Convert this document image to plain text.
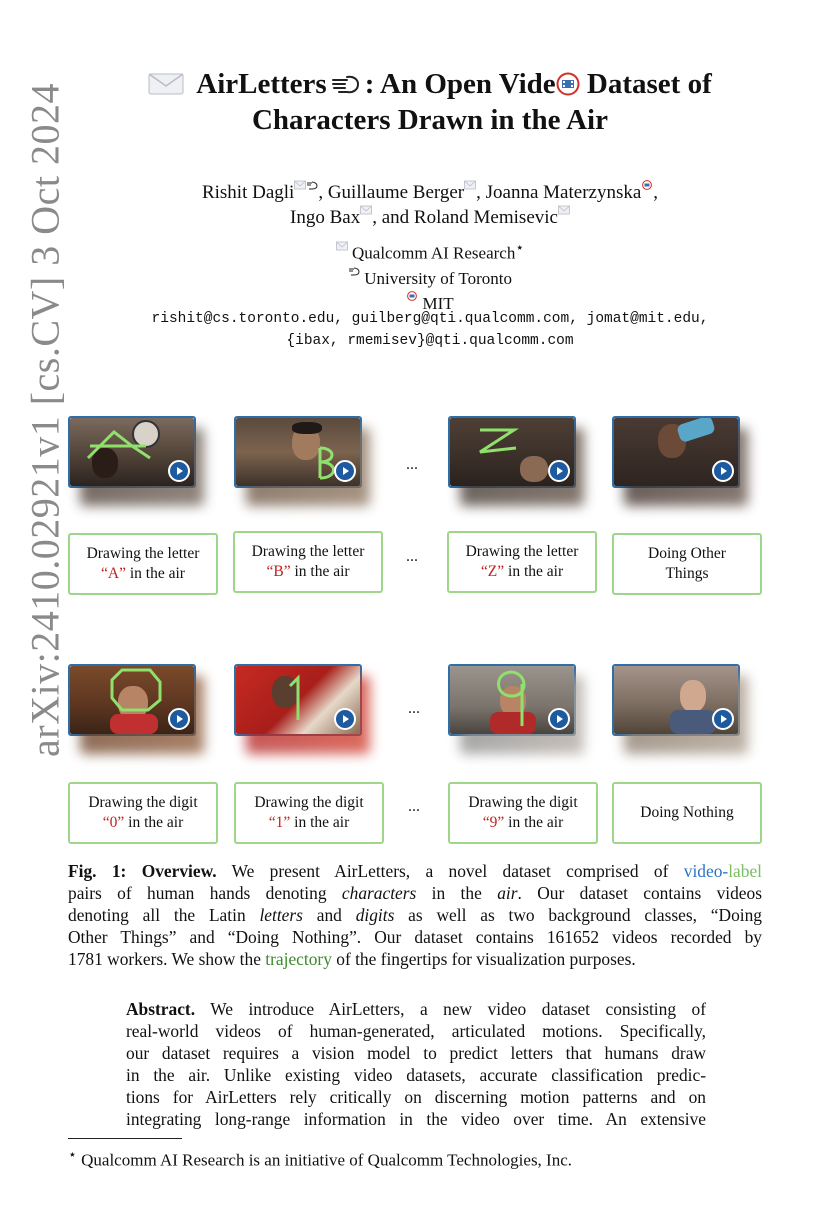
arXiv:2410.02921v1 [cs.CV] 3 Oct 2024	AirLetters : An Open Vide Dataset of
Characters Drawn in the Air
Rishit Dagli , Guillaume Berger , Joanna Materzynska ,
Ingo Bax , and Roland Memisevic
Qualcomm AI Research⋆
University of Toronto
MIT
rishit@cs.toronto.edu, guilberg@qti.qualcomm.com, jomat@mit.edu,
{ibax, rmemisev}@qti.qualcomm.com
...
Drawing the letter
“A” in the air
Drawing the letter
“B” in the air
...	Drawing the letter
“Z” in the air
Doing Other
Things
...
Drawing the digit
“0” in the air
Drawing the digit
“1” in the air
...	Drawing the digit
“9” in the air
Doing Nothing
Fig. 1: Overview. We present AirLetters, a novel dataset comprised of video-label
pairs of human hands denoting characters in the air. Our dataset contains videos
denoting all the Latin letters and digits as well as two background classes, “Doing
Other Things” and “Doing Nothing”. Our dataset contains 161652 videos recorded by
1781 workers. We show the trajectory of the fingertips for visualization purposes.
Abstract. We introduce AirLetters, a new video dataset consisting of
real-world videos of human-generated, articulated motions. Specifically,
our dataset requires a vision model to predict letters that humans draw
in the air. Unlike existing video datasets, accurate classification predic-
tions for AirLetters rely critically on discerning motion patterns and on
integrating long-range information in the video over time. An extensive
⋆ Qualcomm AI Research is an initiative of Qualcomm Technologies, Inc.
